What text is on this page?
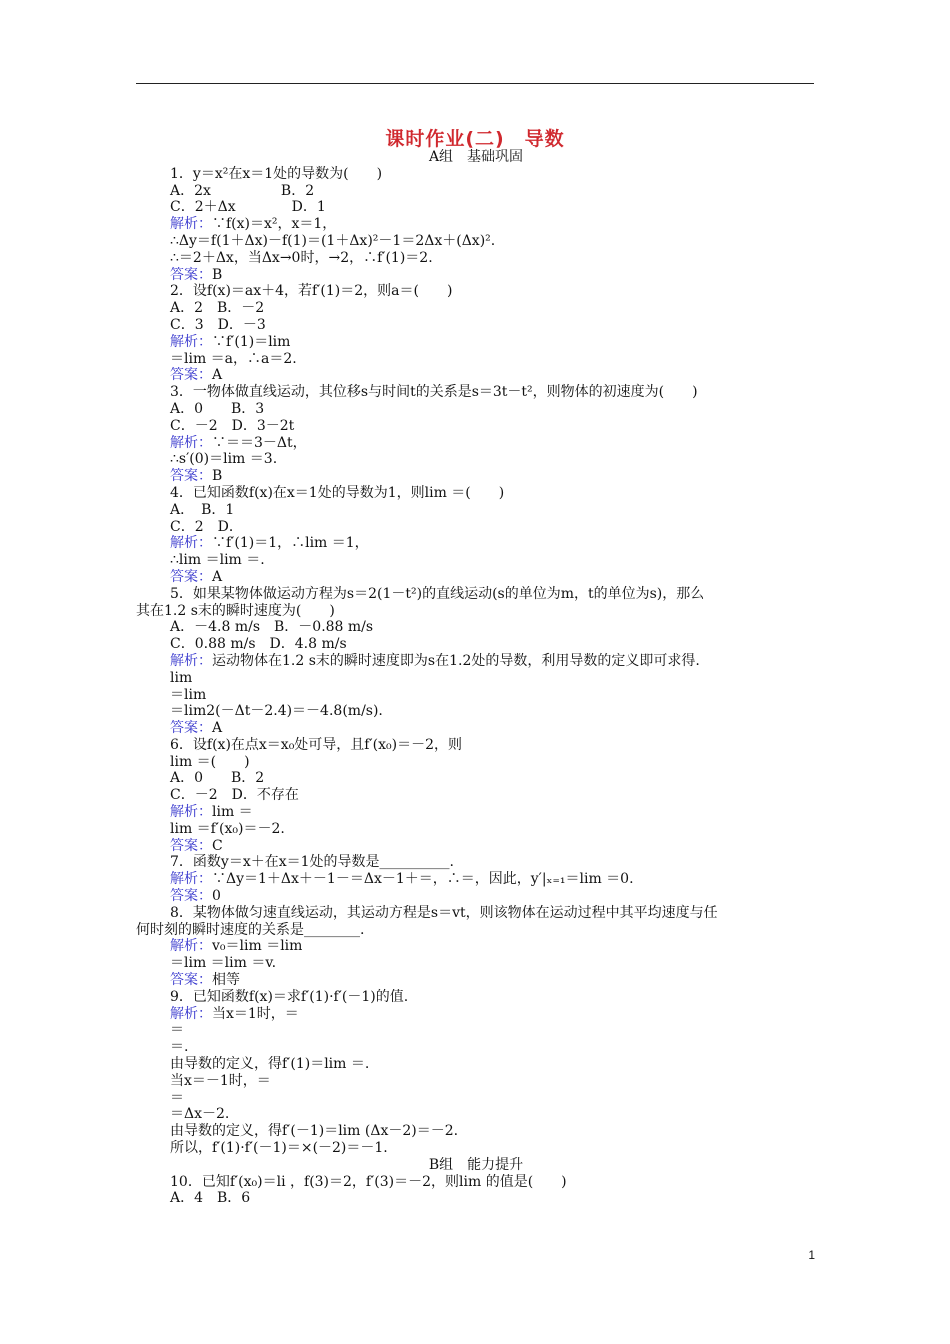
课时作业(二)　导数
A组　基础巩固
1．y＝x²在x＝1处的导数为(　　)
A．2x　　　　　B．2
C．2＋Δx　　　　D．1
解析：∵f(x)＝x²，x＝1，
∴Δy＝f(1＋Δx)－f(1)＝(1＋Δx)²－1＝2Δx＋(Δx)².
∴＝2＋Δx，当Δx→0时，→2，∴f′(1)＝2.
答案：B
2．设f(x)＝ax＋4，若f′(1)＝2，则a＝(　　)
A．2　B．－2
C．3　D．－3
解析：∵f′(1)＝lim
＝lim ＝a，∴a＝2.
答案：A
3．一物体做直线运动，其位移s与时间t的关系是s＝3t－t²，则物体的初速度为(　　)
A．0　　B．3
C．－2　D．3－2t
解析：∵＝＝3－Δt，
∴s′(0)＝lim ＝3.
答案：B
4．已知函数f(x)在x＝1处的导数为1，则lim ＝(　　)
A．　B．1
C．2　D．
解析：∵f′(1)＝1，∴lim ＝1，
∴lim ＝lim ＝.
答案：A
5．如果某物体做运动方程为s＝2(1－t²)的直线运动(s的单位为m，t的单位为s)，那么
其在1.2 s末的瞬时速度为(　　)
A．－4.8 m/s　B．－0.88 m/s
C．0.88 m/s　D．4.8 m/s
解析：运动物体在1.2 s末的瞬时速度即为s在1.2处的导数，利用导数的定义即可求得.
lim
＝lim
＝lim2(－Δt－2.4)＝－4.8(m/s).
答案：A
6．设f(x)在点x＝x₀处可导，且f′(x₀)＝－2，则
lim ＝(　　)
A．0　　B．2
C．－2　D．不存在
解析：lim ＝
lim ＝f′(x₀)＝－2.
答案：C
7．函数y＝x＋在x＝1处的导数是__________.
解析：∵Δy＝1＋Δx＋－1－＝Δx－1＋＝，∴＝，因此，y′|ₓ₌₁＝lim ＝0.
答案：0
8．某物体做匀速直线运动，其运动方程是s＝vt，则该物体在运动过程中其平均速度与任
何时刻的瞬时速度的关系是________.
解析：v₀＝lim ＝lim
＝lim ＝lim ＝v.
答案：相等
9．已知函数f(x)＝求f′(1)·f′(－1)的值.
解析：当x＝1时，＝
＝
＝.
由导数的定义，得f′(1)＝lim ＝.
当x＝－1时，＝
＝
＝Δx－2.
由导数的定义，得f′(－1)＝lim (Δx－2)＝－2.
所以，f′(1)·f′(－1)＝×(－2)＝－1.
B组　能力提升
10．已知f′(x₀)＝li ，f(3)＝2，f′(3)＝－2，则lim 的值是(　　)
A．4　B．6
1
